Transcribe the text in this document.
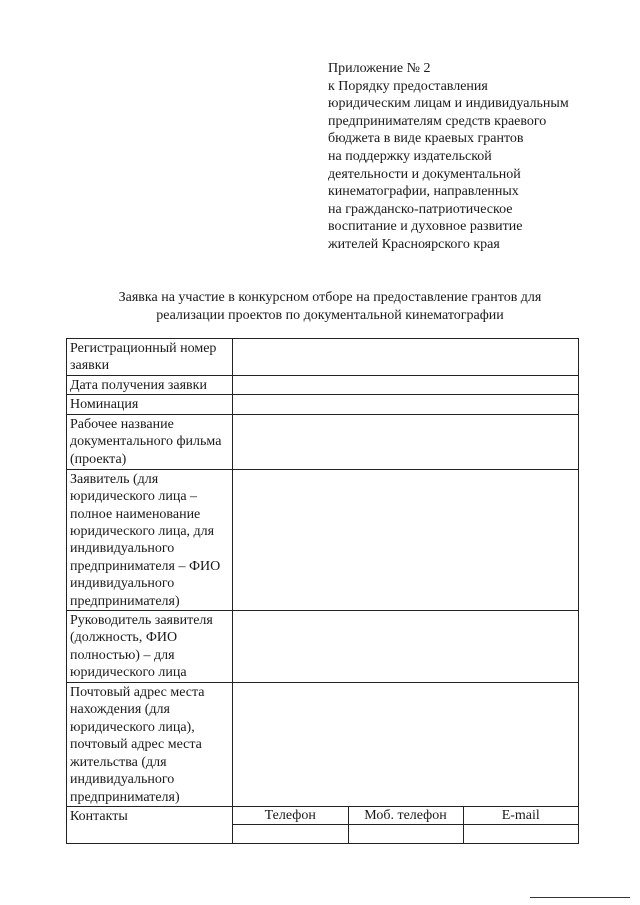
Приложение № 2
к Порядку предоставления
юридическим лицам и индивидуальным
предпринимателям средств краевого
бюджета в виде краевых грантов
на поддержку издательской
деятельности и документальной
кинематографии, направленных
на гражданско-патриотическое
воспитание и духовное развитие
жителей Красноярского края
Заявка на участие в конкурсном отборе на предоставление грантов для
реализации проектов по документальной кинематографии
Регистрационный номер заявки	
Дата получения заявки	
Номинация	
Рабочее название документального фильма (проекта)	
Заявитель (для юридического лица – полное наименование юридического лица, для индивидуального предпринимателя – ФИО индивидуального предпринимателя)	
Руководитель заявителя (должность, ФИО полностью) – для юридического лица	
Почтовый адрес места нахождения (для юридического лица), почтовый адрес места жительства (для индивидуального предпринимателя)	
Контакты		Телефон	Моб. телефон	E-mail
